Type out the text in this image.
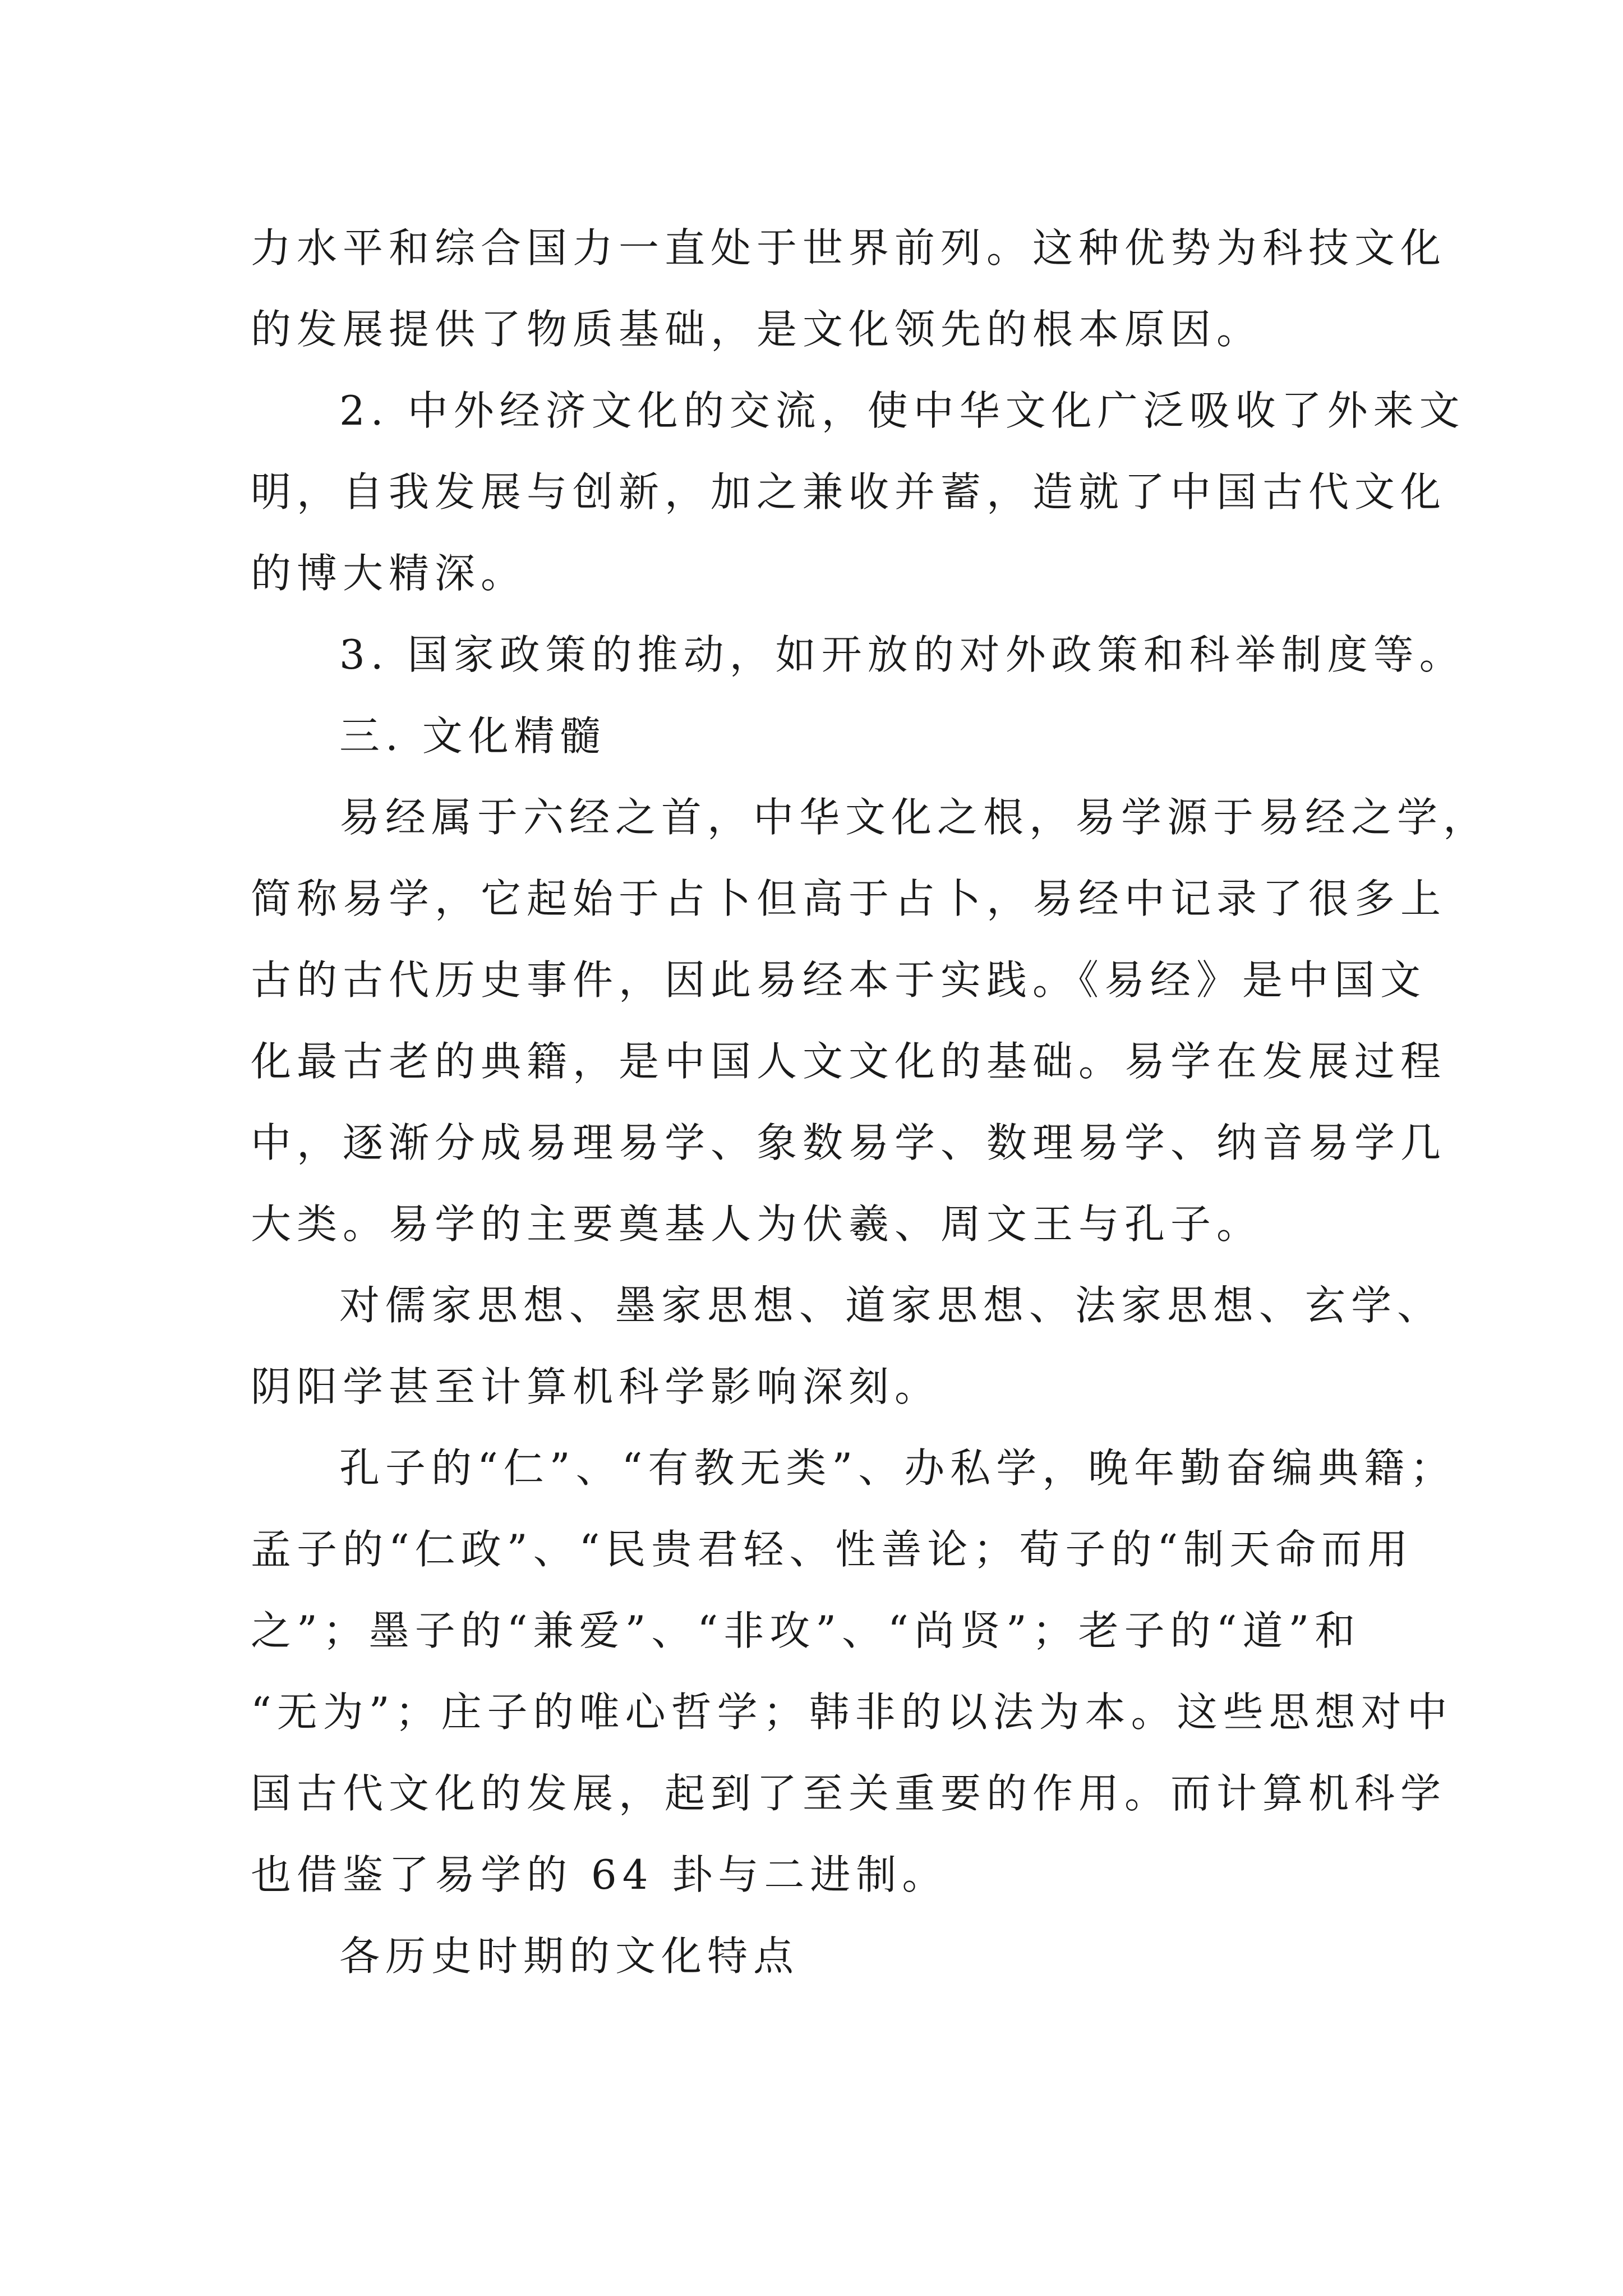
力水平和综合国力一直处于世界前列。这种优势为科技文化
的发展提供了物质基础，是文化领先的根本原因。

2. 中外经济文化的交流，使中华文化广泛吸收了外来文
明，自我发展与创新，加之兼收并蓄，造就了中国古代文化
的博大精深。

3. 国家政策的推动，如开放的对外政策和科举制度等。

三. 文化精髓

易经属于六经之首，中华文化之根，易学源于易经之学，
简称易学，它起始于占卜但高于占卜，易经中记录了很多上
古的古代历史事件，因此易经本于实践。《易经》是中国文
化最古老的典籍，是中国人文文化的基础。易学在发展过程
中，逐渐分成易理易学、象数易学、数理易学、纳音易学几
大类。易学的主要奠基人为伏羲、周文王与孔子。

对儒家思想、墨家思想、道家思想、法家思想、玄学、
阴阳学甚至计算机科学影响深刻。

孔子的“仁”、“有教无类”、办私学，晚年勤奋编典籍；
孟子的“仁政”、“民贵君轻、性善论；荀子的“制天命而用
之”；墨子的“兼爱”、“非攻”、“尚贤”；老子的“道”和
“无为”；庄子的唯心哲学；韩非的以法为本。这些思想对中
国古代文化的发展，起到了至关重要的作用。而计算机科学
也借鉴了易学的 64 卦与二进制。

各历史时期的文化特点
